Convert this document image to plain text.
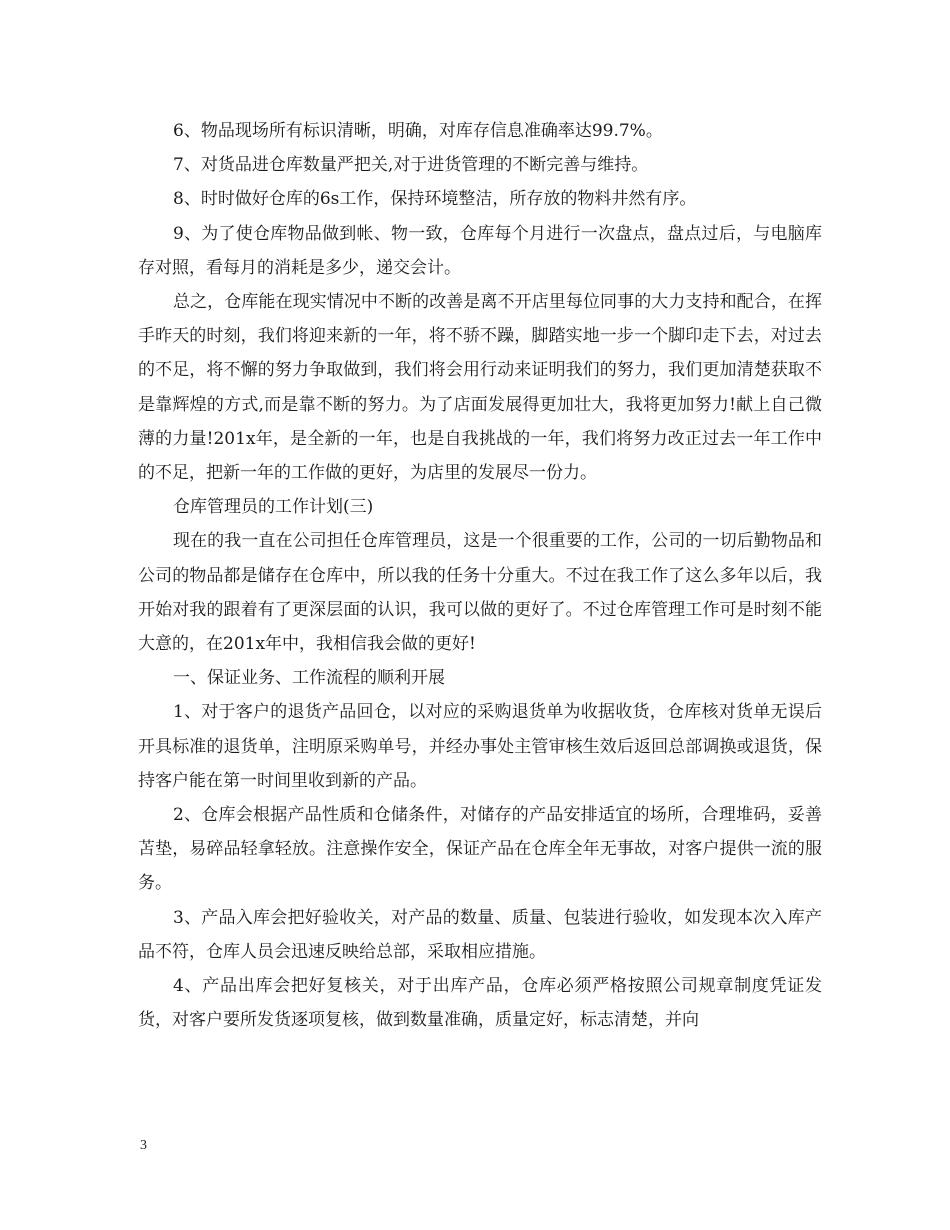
6、物品现场所有标识清晰，明确，对库存信息准确率达99.7%。

7、对货品进仓库数量严把关,对于进货管理的不断完善与维持。

8、时时做好仓库的6s工作，保持环境整洁，所存放的物料井然有序。

9、为了使仓库物品做到帐、物一致，仓库每个月进行一次盘点，盘点过后，与电脑库存对照，看每月的消耗是多少，递交会计。

总之，仓库能在现实情况中不断的改善是离不开店里每位同事的大力支持和配合，在挥手昨天的时刻，我们将迎来新的一年，将不骄不躁，脚踏实地一步一个脚印走下去，对过去的不足，将不懈的努力争取做到，我们将会用行动来证明我们的努力，我们更加清楚获取不是靠辉煌的方式,而是靠不断的努力。为了店面发展得更加壮大，我将更加努力!献上自己微薄的力量!201x年，是全新的一年，也是自我挑战的一年，我们将努力改正过去一年工作中的不足，把新一年的工作做的更好，为店里的发展尽一份力。

仓库管理员的工作计划(三)

现在的我一直在公司担任仓库管理员，这是一个很重要的工作，公司的一切后勤物品和公司的物品都是储存在仓库中，所以我的任务十分重大。不过在我工作了这么多年以后，我开始对我的跟着有了更深层面的认识，我可以做的更好了。不过仓库管理工作可是时刻不能大意的，在201x年中，我相信我会做的更好!

一、保证业务、工作流程的顺利开展

1、对于客户的退货产品回仓，以对应的采购退货单为收据收货，仓库核对货单无误后开具标准的退货单，注明原采购单号，并经办事处主管审核生效后返回总部调换或退货，保持客户能在第一时间里收到新的产品。

2、仓库会根据产品性质和仓储条件，对储存的产品安排适宜的场所，合理堆码，妥善苫垫，易碎品轻拿轻放。注意操作安全，保证产品在仓库全年无事故，对客户提供一流的服务。

3、产品入库会把好验收关，对产品的数量、质量、包装进行验收，如发现本次入库产品不符，仓库人员会迅速反映给总部，采取相应措施。

4、产品出库会把好复核关，对于出库产品，仓库必须严格按照公司规章制度凭证发货，对客户要所发货逐项复核，做到数量准确，质量定好，标志清楚，并向

3
